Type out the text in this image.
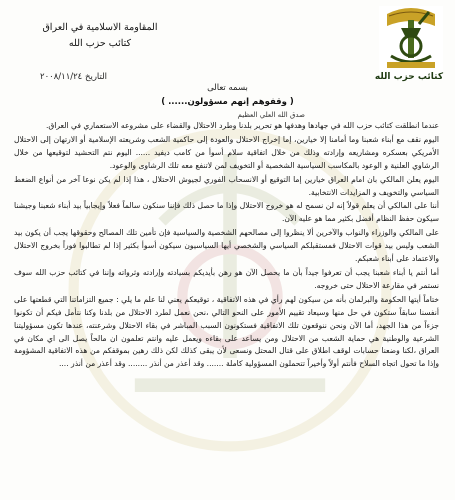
كتائب حزب الله
المقاومة الاسلامية في العراق
كتائب حزب الله
التاريخ ٢٠٠٨/١١/٢٤
بسمه تعالى
( وقفوهم إنهم مسؤولون...... )
صدق الله العلي العظيم

عندما انطلقت كتائب حزب الله في جهادها وهدفها هو تحرير بلدنا وطرد الاحتلال والقضاء على مشروعه الاستعماري في العراق.

اليوم نقف مع أبناء شعبنا وما أمامنا إلا خيارين، إما إخراج الاحتلال والعودة إلى حاكمية الشعب وشريعته الإسلامية أو الارتهان إلى الاحتلال الأمريكي بعسكره ومشاريعه وإرادته وذلك من خلال اتفاقية سلام أسوأ من كامب ديفيد ...... اليوم نتم التحشيد لتوقيعها من خلال الرشاوي العلنية و الوعود بالمكاسب السياسية الشخصية أو التخويف لمن لاتنفع معه تلك الرشاوى والوعود.

اليوم يعلن المالكي بان امام العراق خيارين إما التوقيع أو الانسحاب الفوري لجيوش الاحتلال ، هذا إذا لم يكن نوعا آخر من أنواع الضغط السياسي والتخويف و المزايدات الانتخابية.

أننا على المالكي أن يعلم قولاً إنه لن نسمح له هو خروج الاحتلال وإذا ما حصل ذلك فإننا سنكون سالماً فعلاً وإيجابياً بيد أبناء شعبنا وجيشنا سيكون حفظ النظام أفضل بكثير مما هو عليه الآن.

على المالكي والوزراء والنواب والآخرين ألا ينظروا إلى مصالحهم الشخصية والسياسية فإن تأمين تلك المصالح وحقوقها يجب أن يكون بيد الشعب وليس بيد قوات الاحتلال فمستقبلكم السياسي والشخصي أيها السياسيون سيكون أسوأ بكثير إذا لم تطالبوا فوراً بخروج الاحتلال والاعتماد على أبناء شعبكم.

أما أنتم يا أبناء شعبنا يجب أن تعرفوا جيداً بأن ما يحصل الآن هو رهن بأيديكم بسيادته وإرادته وثرواته وإننا في كتائب حزب الله سوف نستمر في مقارعة الاحتلال حتى خروجه.

ختاماً أيتها الحكومة والبرلمان بأنه من سيكون لهم رأي في هذه الاتفاقية ، توقيعكم يعني لنا علم ما يلي : جميع التزاماتنا التي قطعتها على أنفسنا سابقاً ستكون في حل منها وسيعاد تقييم الأمور على النحو التالي ،نحن نعمل لطرد الاحتلال من بلدنا وكنا نتأمل فيكم أن تكونوا جزءاً من هذا الجهد، أما الآن ونحن ننوقعون تلك الاتفاقية فستكونون السبب المباشر في بقاء الاحتلال وشرعنته، عندها تكون مسؤوليتنا الشرعية والوطنية هي حماية الشعب من الاحتلال ومن يساعد على بقاءه ويعمل عليه وانتم تعلمون ان مالحاً يصل الى اي مكان في العراق ،لكنا وضعنا حسابات لوقف اطلاق على قتال المحتل ونسعى لأن يبقى كذلك لكن ذلك رهين بموقفكم من هذه الاتفاقية المشؤومة وإذا ما تحول اتجاه السلاح فأنتم أولاً وأخيراً تتحملون المسؤولية كاملة ....... وقد أعذر من أنذر ........ وقد أعذر من أنذر ....
